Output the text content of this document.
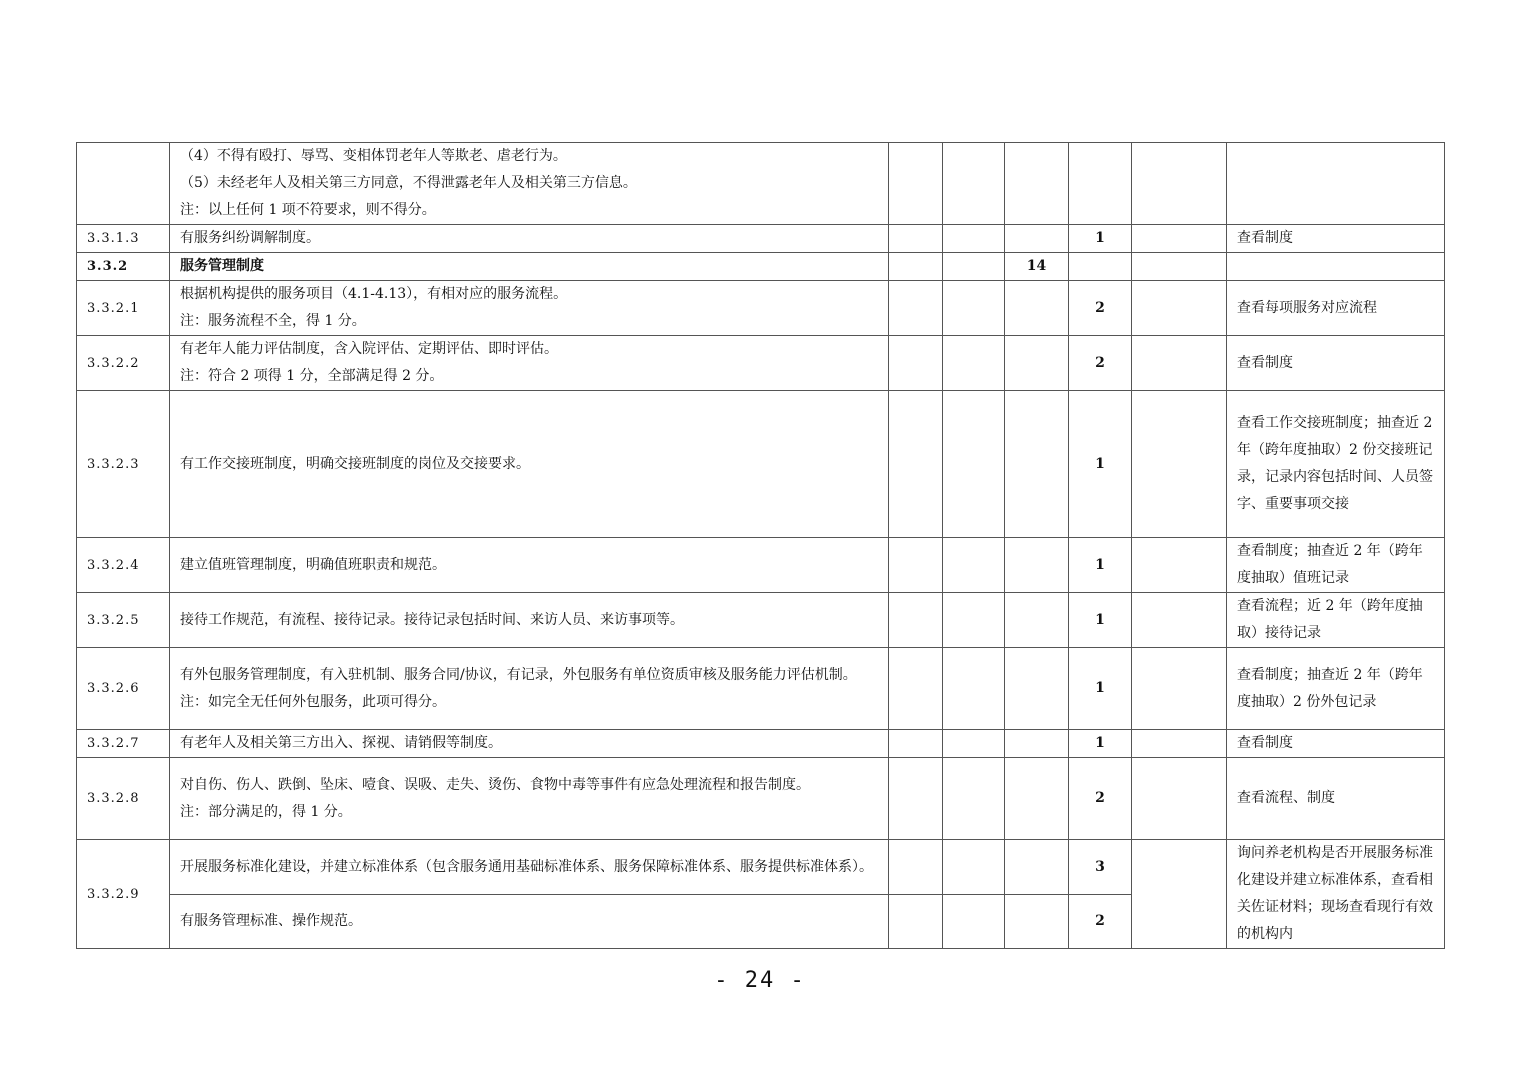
	（4）不得有殴打、辱骂、变相体罚老年人等欺老、虐老行为。
（5）未经老年人及相关第三方同意，不得泄露老年人及相关第三方信息。
注：以上任何 1 项不符要求，则不得分。						

3.3.1.3	有服务纠纷调解制度。				1		查看制度
3.3.2	服务管理制度			14			
3.3.2.1	根据机构提供的服务项目（4.1-4.13），有相对应的服务流程。
注：服务流程不全，得 1 分。				2		查看每项服务对应流程
3.3.2.2	有老年人能力评估制度，含入院评估、定期评估、即时评估。
注：符合 2 项得 1 分，全部满足得 2 分。				2		查看制度
3.3.2.3	有工作交接班制度，明确交接班制度的岗位及交接要求。				1		查看工作交接班制度；抽查近 2 年（跨年度抽取）2 份交接班记录，记录内容包括时间、人员签字、重要事项交接
3.3.2.4	建立值班管理制度，明确值班职责和规范。				1		查看制度；抽查近 2 年（跨年度抽取）值班记录
3.3.2.5	接待工作规范，有流程、接待记录。接待记录包括时间、来访人员、来访事项等。				1		查看流程；近 2 年（跨年度抽取）接待记录
3.3.2.6	有外包服务管理制度，有入驻机制、服务合同/协议，有记录，外包服务有单位资质审核及服务能力评估机制。
注：如完全无任何外包服务，此项可得分。				1		查看制度；抽查近 2 年（跨年度抽取）2 份外包记录
3.3.2.7	有老年人及相关第三方出入、探视、请销假等制度。				1		查看制度
3.3.2.8	对自伤、伤人、跌倒、坠床、噎食、误吸、走失、烫伤、食物中毒等事件有应急处理流程和报告制度。
注：部分满足的，得 1 分。				2		查看流程、制度
3.3.2.9	开展服务标准化建设，并建立标准体系（包含服务通用基础标准体系、服务保障标准体系、服务提供标准体系）。				3		询问养老机构是否开展服务标准化建设并建立标准体系，查看相关佐证材料；现场查看现行有效的机构内

	有服务管理标准、操作规范。				2		
- 24 -
